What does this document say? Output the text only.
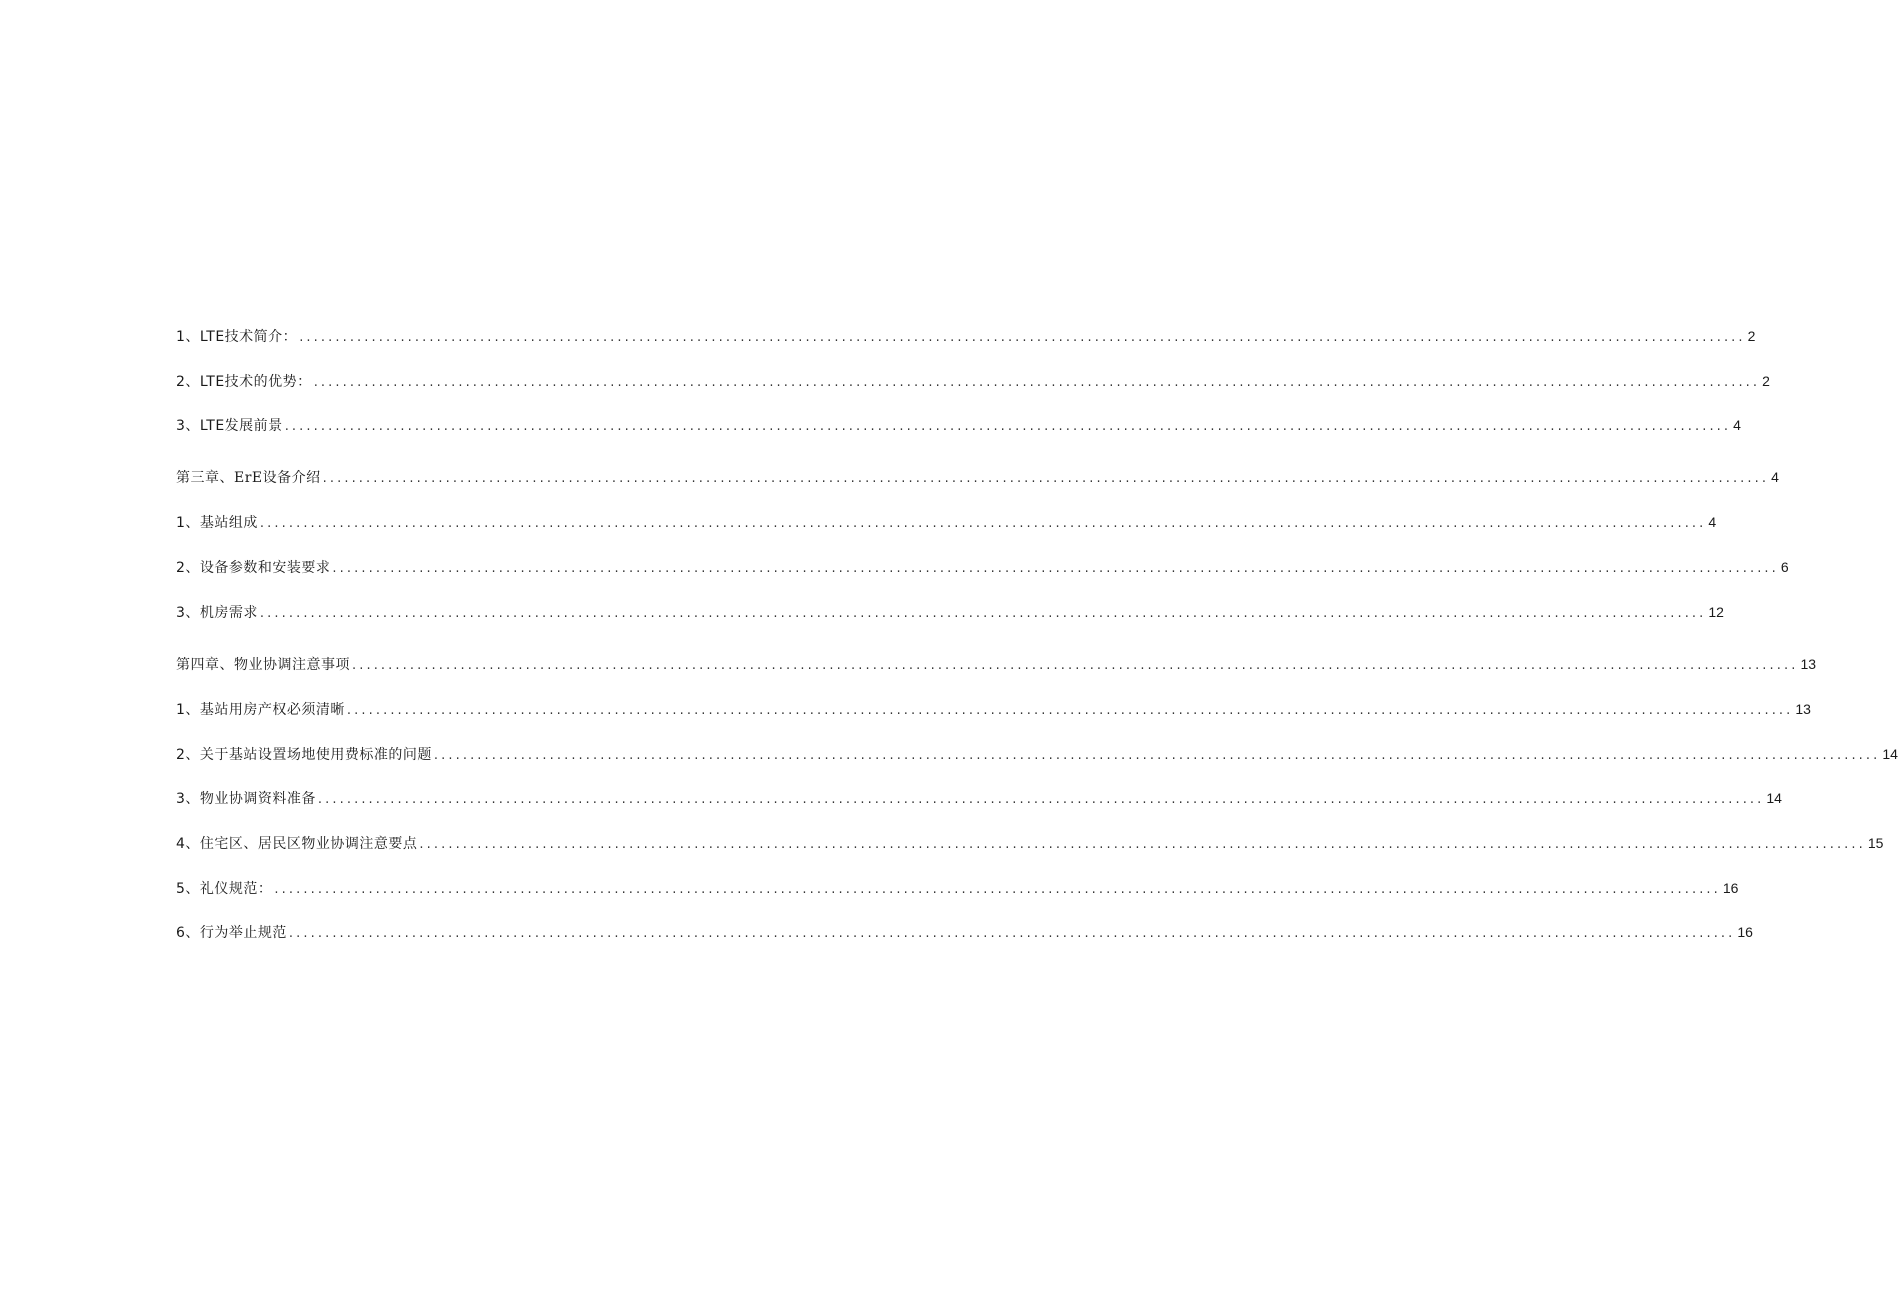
1、LTE技术简介： ........................................................................................................................................................................................................ 2
2、LTE技术的优势： ........................................................................................................................................................................................................ 2
3、LTE发展前景 ........................................................................................................................................................................................................ 4
第三章、ErE设备介绍 ........................................................................................................................................................................................................ 4
1、基站组成 ........................................................................................................................................................................................................ 4
2、设备参数和安装要求 ........................................................................................................................................................................................................ 6
3、机房需求 ........................................................................................................................................................................................................ 12
第四章、物业协调注意事项 ........................................................................................................................................................................................................ 13
1、基站用房产权必须清晰 ........................................................................................................................................................................................................ 13
2、关于基站设置场地使用费标准的问题 ........................................................................................................................................................................................................ 14
3、物业协调资料准备 ........................................................................................................................................................................................................ 14
4、住宅区、居民区物业协调注意要点 ........................................................................................................................................................................................................ 15
5、礼仪规范： ........................................................................................................................................................................................................ 16
6、行为举止规范 ........................................................................................................................................................................................................ 16
